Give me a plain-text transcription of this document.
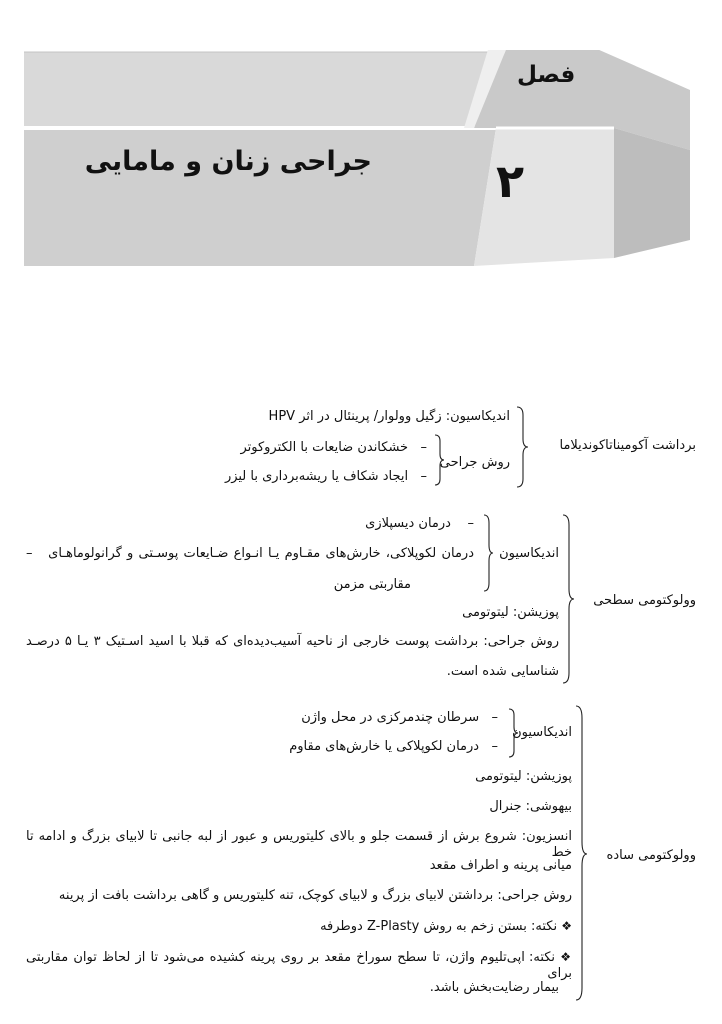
فصل
۲
جراحی زنان و مامایی
برداشت آکومیناتاکوندیلاما
اندیکاسیون: زگیل وولوار/ پرینئال در اثر HPV
روش جراحی
–   خشکاندن ضایعات با الکتروکوتر
–   ایجاد شکاف یا ریشه‌برداری با لیزر
وولوکتومی سطحی
اندیکاسیون
–    درمان دیسپلازی
درمان لکوپلاکی، خارش‌های مقـاوم یـا انـواع ضـایعات پوسـتی و گرانولوماهـای   –
مقاربتی مزمن
پوزیشن: لیتوتومی
روش جراحی: برداشت پوست خارجی از ناحیه آسیب‌دیده‌ای که قبلا با اسید اسـتیک ۳ یـا ۵ درصـد
شناسایی شده است.
وولوکتومی ساده
اندیکاسیون
–   سرطان چندمرکزی در محل واژن
–   درمان لکوپلاکی یا خارش‌های مقاوم
پوزیشن: لیتوتومی
بیهوشی: جنرال
انسزیون: شروع برش از قسمت جلو و بالای کلیتوریس و عبور از لبه جانبی تا لابیای بزرگ و ادامه تا خط
میانی پرینه و اطراف مقعد
روش جراحی: برداشتن لابیای بزرگ و لابیای کوچک، تنه کلیتوریس و گاهی برداشت بافت از پرینه
❖ نکته: بستن زخم به روش Z-Plasty دوطرفه
❖ نکته: اپی‌تلیوم واژن، تا سطح سوراخ مقعد بر روی پرینه کشیده می‌شود تا از لحاظ توان مقاربتی برای
بیمار رضایت‌بخش باشد.
